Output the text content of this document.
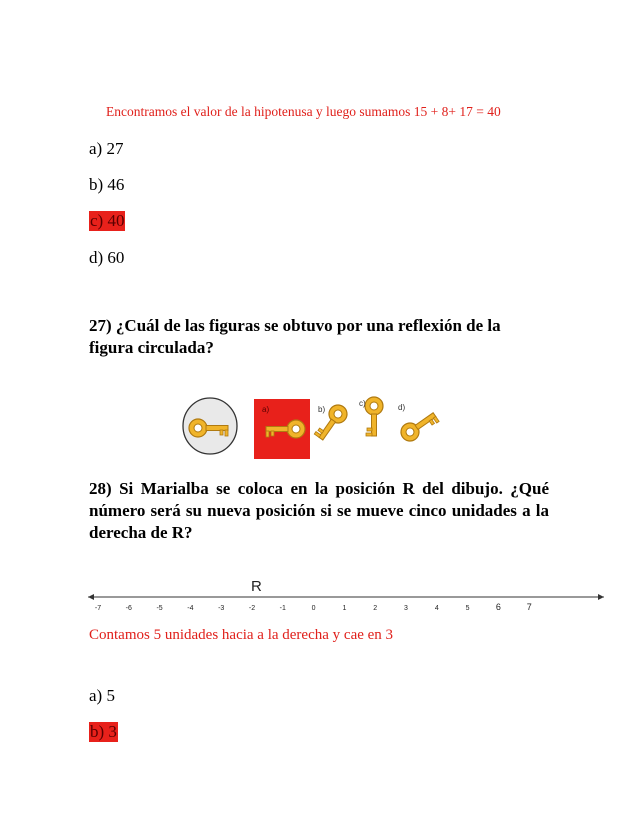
Encontramos el valor de la hipotenusa y luego sumamos 15 + 8+ 17 = 40
a) 27
b) 46
c) 40
d) 60
27) ¿Cuál de las figuras se obtuvo por una reflexión de la figura circulada?
a)	b)
c)	d)
28) Si Marialba se coloca en la posición R del dibujo. ¿Qué número será su nueva posición si se mueve cinco unidades a la derecha de R?
R
-7	-6	-5	-4	-3	-2	-1	0	1	2	3	4	5	6	7
Contamos 5 unidades hacia a la derecha y cae en 3
a) 5
b) 3
